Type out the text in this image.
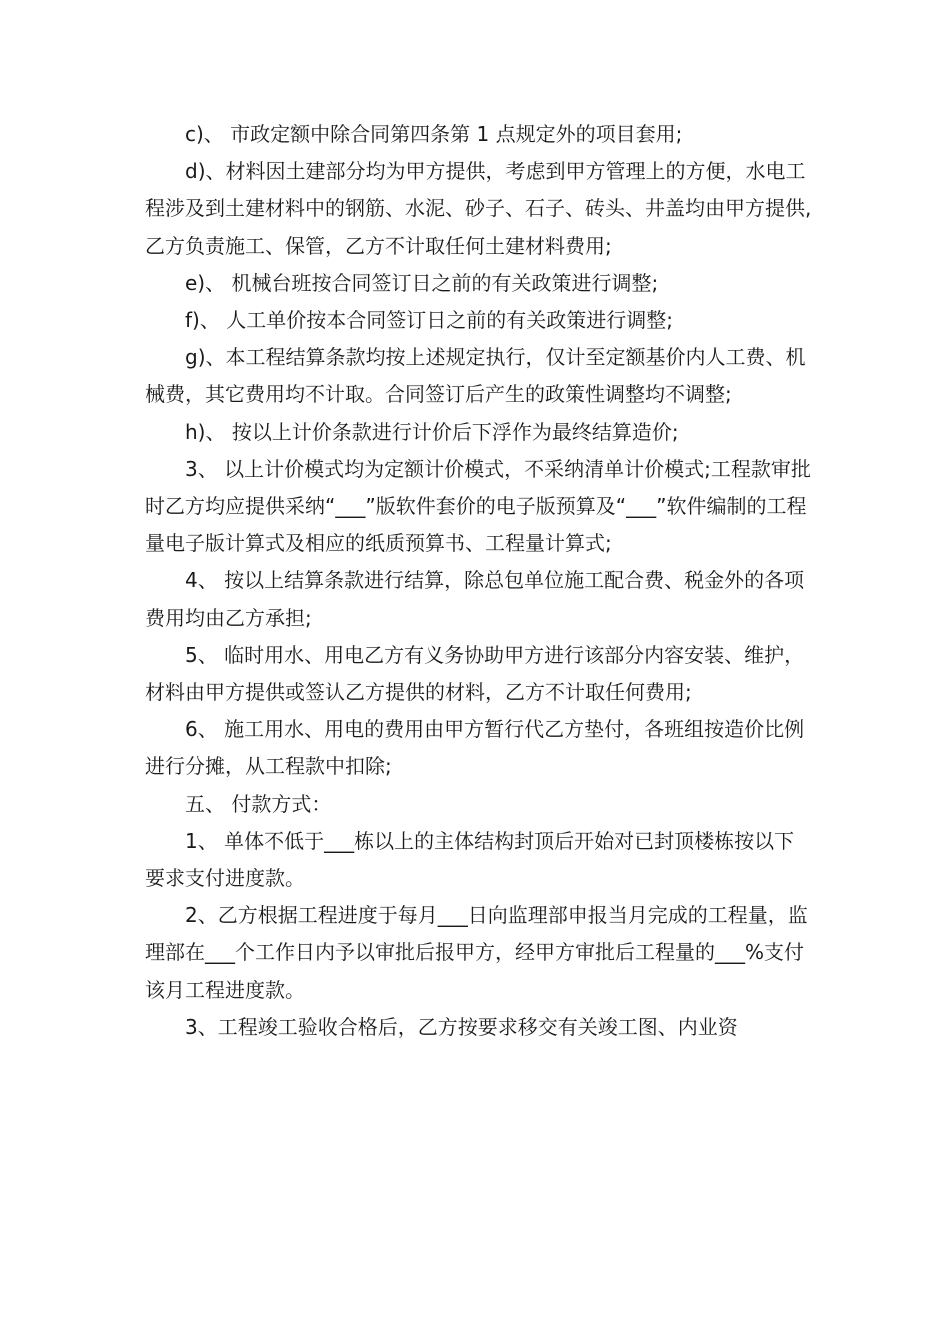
c)、 市政定额中除合同第四条第 1 点规定外的项目套用;

d)、材料因土建部分均为甲方提供，考虑到甲方管理上的方便，水电工程涉及到土建材料中的钢筋、水泥、砂子、石子、砖头、井盖均由甲方提供,乙方负责施工、保管，乙方不计取任何土建材料费用;

e)、 机械台班按合同签订日之前的有关政策进行调整;

f)、 人工单价按本合同签订日之前的有关政策进行调整;

g)、本工程结算条款均按上述规定执行，仅计至定额基价内人工费、机械费，其它费用均不计取。合同签订后产生的政策性调整均不调整;

h)、 按以上计价条款进行计价后下浮作为最终结算造价;

3、 以上计价模式均为定额计价模式，不采纳清单计价模式;工程款审批时乙方均应提供采纳“___”版软件套价的电子版预算及“___”软件编制的工程量电子版计算式及相应的纸质预算书、工程量计算式;

4、 按以上结算条款进行结算，除总包单位施工配合费、税金外的各项费用均由乙方承担;

5、 临时用水、用电乙方有义务协助甲方进行该部分内容安装、维护，材料由甲方提供或签认乙方提供的材料，乙方不计取任何费用;

6、 施工用水、用电的费用由甲方暂行代乙方垫付，各班组按造价比例进行分摊，从工程款中扣除;

五、 付款方式：

1、 单体不低于___栋以上的主体结构封顶后开始对已封顶楼栋按以下要求支付进度款。

2、乙方根据工程进度于每月___日向监理部申报当月完成的工程量，监理部在___个工作日内予以审批后报甲方，经甲方审批后工程量的___%支付该月工程进度款。

3、工程竣工验收合格后，乙方按要求移交有关竣工图、内业资
